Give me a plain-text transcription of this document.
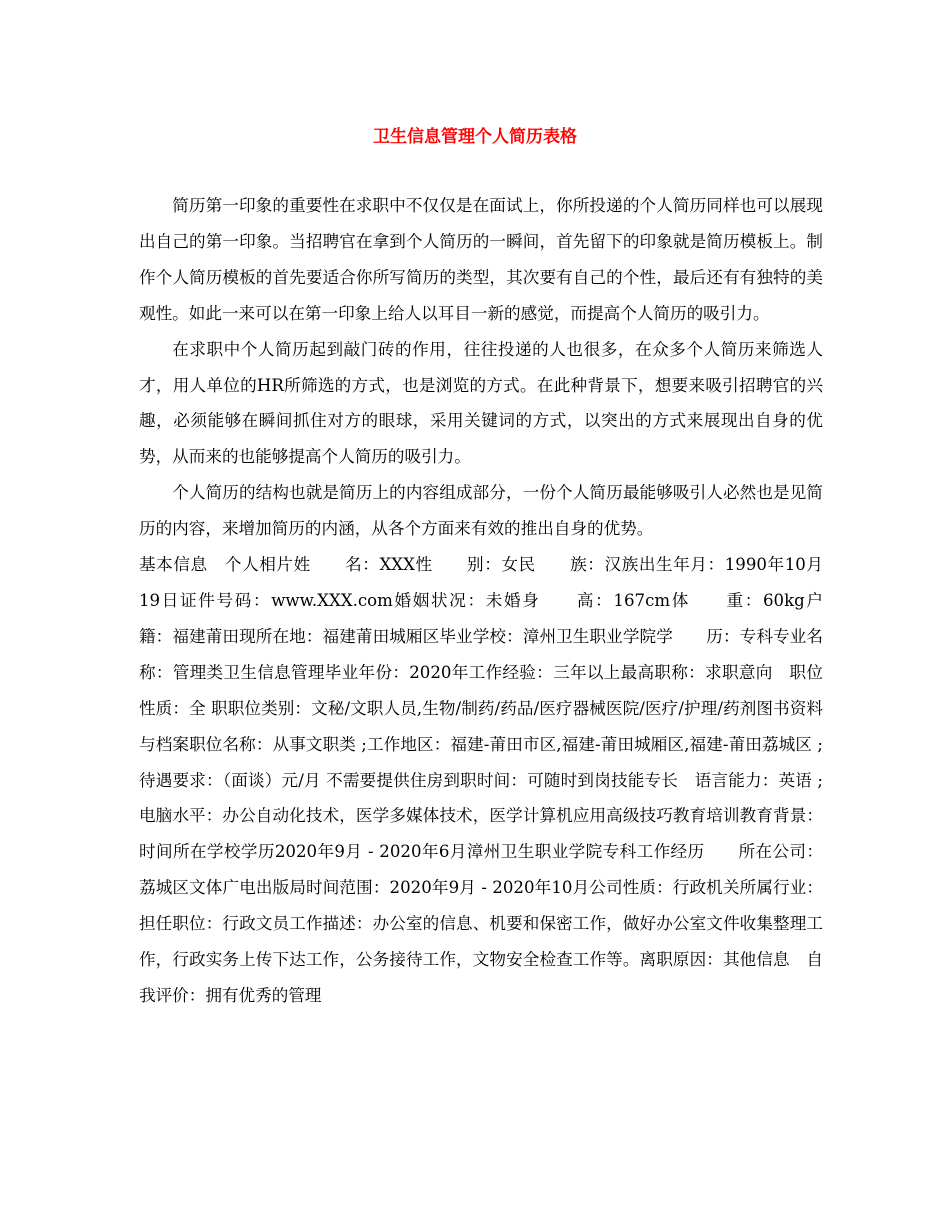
卫生信息管理个人简历表格

简历第一印象的重要性在求职中不仅仅是在面试上，你所投递的个人简历同样也可以展现出自己的第一印象。当招聘官在拿到个人简历的一瞬间，首先留下的印象就是简历模板上。制作个人简历模板的首先要适合你所写简历的类型，其次要有自己的个性，最后还有有独特的美观性。如此一来可以在第一印象上给人以耳目一新的感觉，而提高个人简历的吸引力。

在求职中个人简历起到敲门砖的作用，往往投递的人也很多，在众多个人简历来筛选人才，用人单位的HR所筛选的方式，也是浏览的方式。在此种背景下，想要来吸引招聘官的兴趣，必须能够在瞬间抓住对方的眼球，采用关键词的方式，以突出的方式来展现出自身的优势，从而来的也能够提高个人简历的吸引力。

个人简历的结构也就是简历上的内容组成部分，一份个人简历最能够吸引人必然也是见简历的内容，来增加简历的内涵，从各个方面来有效的推出自身的优势。

基本信息　个人相片姓　　名：XXX性　　别：女民　　族：汉族出生年月：1990年10月19日证件号码：www.XXX.com婚姻状况：未婚身　　高：167cm体　　重：60kg户　　籍：福建莆田现所在地：福建莆田城厢区毕业学校：漳州卫生职业学院学　　历：专科专业名称：管理类卫生信息管理毕业年份：2020年工作经验：三年以上最高职称：求职意向　职位性质：全 职职位类别：文秘/文职人员,生物/制药/药品/医疗器械医院/医疗/护理/药剂图书资料与档案职位名称：从事文职类 ;工作地区：福建-莆田市区,福建-莆田城厢区,福建-莆田荔城区 ;待遇要求：（面谈）元/月 不需要提供住房到职时间：可随时到岗技能专长　语言能力：英语 ;电脑水平：办公自动化技术，医学多媒体技术，医学计算机应用高级技巧教育培训教育背景：时间所在学校学历2020年9月 - 2020年6月漳州卫生职业学院专科工作经历　　所在公司：荔城区文体广电出版局时间范围：2020年9月 - 2020年10月公司性质：行政机关所属行业：担任职位：行政文员工作描述：办公室的信息、机要和保密工作，做好办公室文件收集整理工作，行政实务上传下达工作，公务接待工作，文物安全检查工作等。离职原因：其他信息　自我评价：拥有优秀的管理
